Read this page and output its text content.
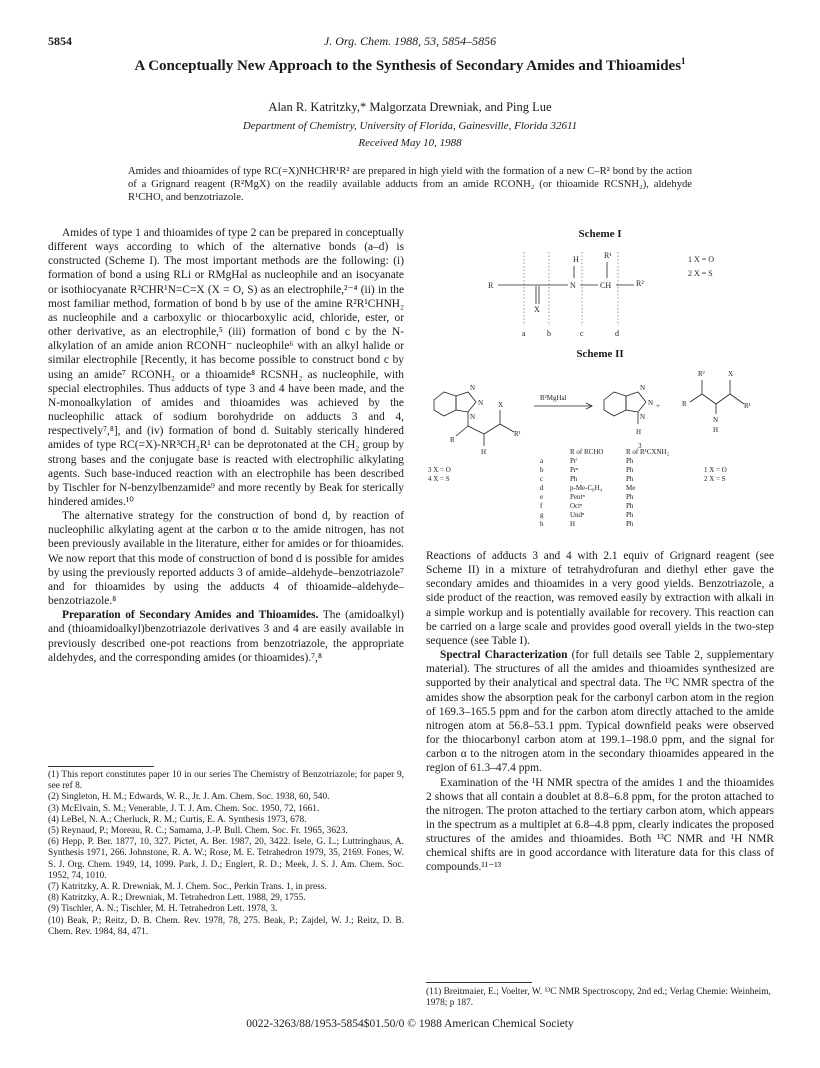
5854	J. Org. Chem. 1988, 53, 5854–5856
A Conceptually New Approach to the Synthesis of Secondary Amides and Thioamides$^1$
Alan R. Katritzky,* Malgorzata Drewniak, and Ping Lue
Department of Chemistry, University of Florida, Gainesville, Florida 32611
Received May 10, 1988
Amides and thioamides of type RC(=X)NHCHR¹R² are prepared in high yield with the formation of a new C–R² bond by the action of a Grignard reagent (R²MgX) on the readily available adducts from an amide RCONH₂ (or thioamide RCSNH₂), aldehyde R¹CHO, and benzotriazole.

Amides of type 1 and thioamides of type 2 can be prepared in conceptually different ways according to which of the alternative bonds (a–d) is constructed (Scheme I). The most important methods are the following: (i) formation of bond a using RLi or RMgHal as nucleophile and an isocyanate or isothiocyanate R²CHR¹N=C=X (X = O, S) as an electrophile,²⁻⁴ (ii) in the most familiar method, formation of bond b by use of the amine R²R¹CHNH₂ as nucleophile and a carboxylic or thiocarboxylic acid, chloride, ester, or other derivative, as an electrophile,⁵ (iii) formation of bond c by the N-alkylation of an amide anion RCONH⁻ nucleophile⁶ with an alkyl halide or similar electrophile [Recently, it has become possible to construct bond c by using an amide⁷ RCONH₂ or a thioamide⁸ RCSNH₂ as nucleophile, with special electrophiles. Thus adducts of type 3 and 4 have been made, and the N-monoalkylation of amides and thioamides was achieved by the nucleophilic attack of sodium borohydride on adducts 3 and 4, respectively⁷,⁸], and (iv) formation of bond d. Suitably sterically hindered amides of type RC(=X)-NR³CH₂R¹ can be deprotonated at the CH₂ group by strong bases and the conjugate base is reacted with electrophilic alkylating agents. Such base-induced reaction with an electrophile has been described by Tischler for N-benzylbenzamide⁹ and more recently by Beak for sterically hindered amides.¹⁰

The alternative strategy for the construction of bond d, by reaction of nucleophilic alkylating agent at the carbon α to the amide nitrogen, has not been previously available in the literature, either for amides or for thioamides. We now report that this mode of construction of bond d is possible for amides by using the previously reported adducts 3 of amide–aldehyde–benzotriazole⁷ and for thioamides by using the adducts 4 of thioamide–aldehyde–benzotriazole.⁸

Preparation of Secondary Amides and Thioamides. The (amidoalkyl) and (thioamidoalkyl)benzotriazole derivatives 3 and 4 are easily available in previously described one-pot reactions from benzotriazole, the appropriate aldehydes, and the corresponding amides (or thioamides).⁷,⁸

(1) This report constitutes paper 10 in our series The Chemistry of Benzotriazole; for paper 9, see ref 8.

(2) Singleton, H. M.; Edwards, W. R., Jr. J. Am. Chem. Soc. 1938, 60, 540.

(3) McElvain, S. M.; Venerable, J. T. J. Am. Chem. Soc. 1950, 72, 1661.

(4) LeBel, N. A.; Cherluck, R. M.; Curtis, E. A. Synthesis 1973, 678.

(5) Reynaud, P.; Moreau, R. C.; Samama, J.-P. Bull. Chem. Soc. Fr. 1965, 3623.

(6) Hepp, P. Ber. 1877, 10, 327. Pictet, A. Ber. 1987, 20, 3422. Isele, G. L.; Luttringhaus, A. Synthesis 1971, 266. Johnstone, R. A. W.; Rose, M. E. Tetrahedron 1979, 35, 2169. Fones, W. S. J. Org. Chem. 1949, 14, 1099. Park, J. D.; Englert, R. D.; Meek, J. S. J. Am. Chem. Soc. 1952, 74, 1010.

(7) Katritzky, A. R. Drewniak, M. J. Chem. Soc., Perkin Trans. 1, in press.

(8) Katritzky, A. R.; Drewniak, M. Tetrahedron Lett. 1988, 29, 1755.

(9) Tischler, A. N.; Tischler, M. H. Tetrahedron Lett. 1978, 3.

(10) Beak, P.; Reitz, D. B. Chem. Rev. 1978, 78, 275. Beak, P.; Zajdel, W. J.; Reitz, D. B. Chem. Rev. 1984, 84, 471.

Scheme I
R	N
H
CH
R¹
R²
X
a	b	c	d
1 X = O
2 X = S
Scheme II
N
N
N
R
R¹
X
H
R²MgHal
N
N
N
H
+
3
R
R²	X
R¹
N
H
3 X = O
4 X = S
R of RCHO	R of R¹CXNH₂
a	Prⁱ	Ph
b	Prⁿ	Ph
c	Ph	Ph
d	p-Me-C₆H₄	Me
e	Pentⁿ	Ph
f	Octⁿ	Ph
g	Undⁿ	Ph
h	H	Ph
1 X = O
2 X = S

Reactions of adducts 3 and 4 with 2.1 equiv of Grignard reagent (see Scheme II) in a mixture of tetrahydrofuran and diethyl ether gave the secondary amides and thioamides in a very good yields. Benzotriazole, a side product of the reaction, was removed easily by extraction with alkali in a simple workup and is potentially available for recovery. This reaction can be carried on a large scale and provides good overall yields in the two-step sequence (see Table I).

Spectral Characterization (for full details see Table 2, supplementary material). The structures of all the amides and thioamides synthesized are supported by their analytical and spectral data. The ¹³C NMR spectra of the amides show the absorption peak for the carbonyl carbon atom in the region of 169.3–165.5 ppm and for the carbon atom directly attached to the amide nitrogen atom at 56.8–53.1 ppm. Typical downfield peaks were observed for the thiocarbonyl carbon atom at 199.1–198.0 ppm, and the signal for carbon α to the nitrogen atom in the secondary thioamides appeared in the region of 61.3–47.4 ppm.

Examination of the ¹H NMR spectra of the amides 1 and the thioamides 2 shows that all contain a doublet at 8.8–6.8 ppm, for the proton attached to the nitrogen. The proton attached to the tertiary carbon atom, which appears in the spectrum as a multiplet at 6.8–4.8 ppm, clearly indicates the proposed structures of the amides and thioamides. Both ¹³C NMR and ¹H NMR chemical shifts are in good accordance with literature data for this class of compounds.¹¹⁻¹³

(11) Breitmaier, E.; Voelter, W. ¹³C NMR Spectroscopy, 2nd ed.; Verlag Chemie: Weinheim, 1978; p 187.

0022-3263/88/1953-5854$01.50/0 © 1988 American Chemical Society
